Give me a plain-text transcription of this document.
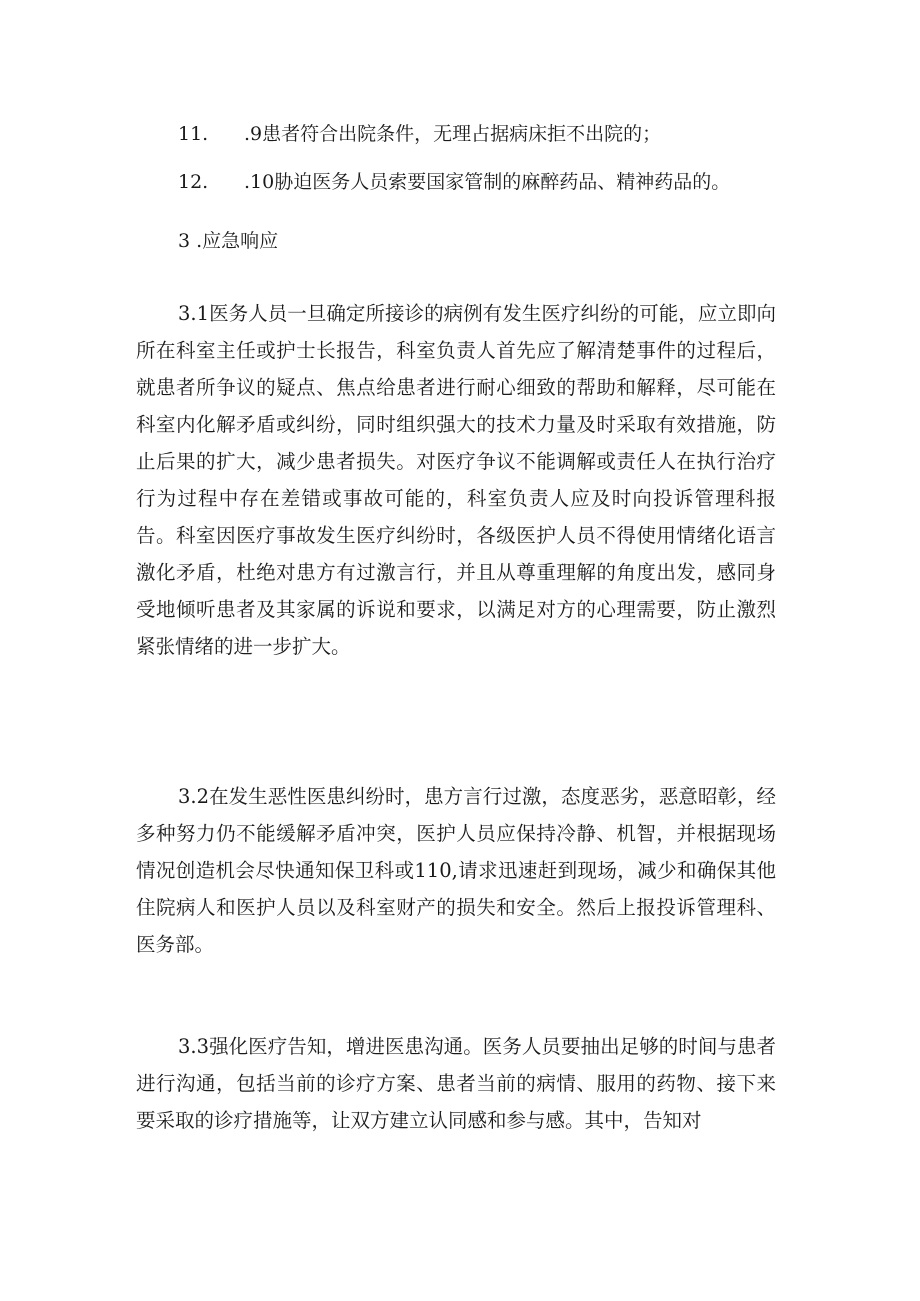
11. .9患者符合出院条件，无理占据病床拒不出院的；
12. .10胁迫医务人员索要国家管制的麻醉药品、精神药品的。
3 .应急响应

3.1医务人员一旦确定所接诊的病例有发生医疗纠纷的可能，应立即向所在科室主任或护士长报告，科室负责人首先应了解清楚事件的过程后，就患者所争议的疑点、焦点给患者进行耐心细致的帮助和解释，尽可能在科室内化解矛盾或纠纷，同时组织强大的技术力量及时采取有效措施，防止后果的扩大，减少患者损失。对医疗争议不能调解或责任人在执行治疗行为过程中存在差错或事故可能的，科室负责人应及时向投诉管理科报告。科室因医疗事故发生医疗纠纷时，各级医护人员不得使用情绪化语言激化矛盾，杜绝对患方有过激言行，并且从尊重理解的角度出发，感同身受地倾听患者及其家属的诉说和要求，以满足对方的心理需要，防止激烈紧张情绪的进一步扩大。

3.2在发生恶性医患纠纷时，患方言行过激，态度恶劣，恶意昭彰，经多种努力仍不能缓解矛盾冲突，医护人员应保持冷静、机智，并根据现场情况创造机会尽快通知保卫科或110,请求迅速赶到现场，减少和确保其他住院病人和医护人员以及科室财产的损失和安全。然后上报投诉管理科、医务部。

3.3强化医疗告知，增进医患沟通。医务人员要抽出足够的时间与患者进行沟通，包括当前的诊疗方案、患者当前的病情、服用的药物、接下来要采取的诊疗措施等，让双方建立认同感和参与感。其中，告知对
